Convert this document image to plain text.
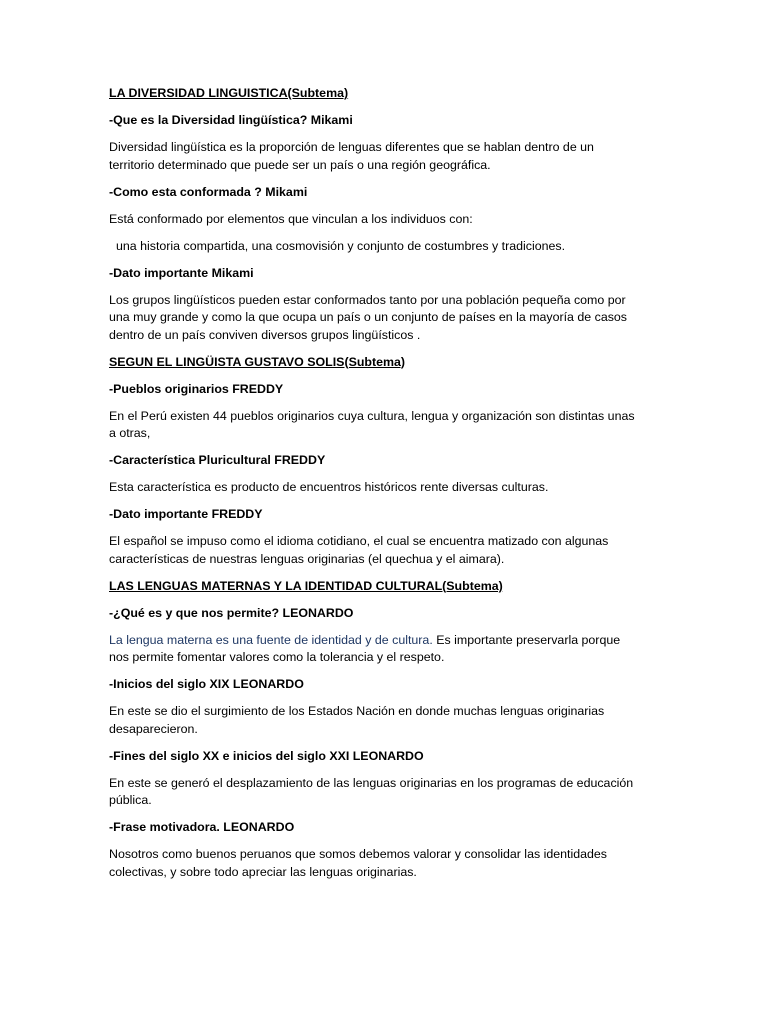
LA DIVERSIDAD LINGUISTICA(Subtema)

-Que es la Diversidad lingüística? Mikami

Diversidad lingüística es la proporción de lenguas diferentes que se hablan dentro de un

territorio determinado que puede ser un país o una región geográfica.

-Como esta conformada ? Mikami

Está conformado por elementos que vinculan a los individuos con:

una historia compartida, una cosmovisión y conjunto de costumbres y tradiciones.

-Dato importante Mikami

Los grupos lingüísticos pueden estar conformados tanto por una población pequeña como por

una muy grande y como la que ocupa un país o un conjunto de países en la mayoría de casos

dentro de un país conviven diversos grupos lingüísticos .

SEGUN EL LINGÜISTA GUSTAVO SOLIS(Subtema)

-Pueblos originarios FREDDY

En el Perú existen 44 pueblos originarios cuya cultura, lengua y organización son distintas unas

a otras,

-Característica Pluricultural FREDDY

Esta característica es producto de encuentros históricos rente diversas culturas.

-Dato importante FREDDY

El español se impuso como el idioma cotidiano, el cual se encuentra matizado con algunas

características de nuestras lenguas originarias (el quechua y el aimara).

LAS LENGUAS MATERNAS Y LA IDENTIDAD CULTURAL(Subtema)

-¿Qué es y que nos permite? LEONARDO

La lengua materna es una fuente de identidad y de cultura. Es importante preservarla porque

nos permite fomentar valores como la tolerancia y el respeto.

-Inicios del siglo XIX LEONARDO

En este se dio el surgimiento de los Estados Nación en donde muchas lenguas originarias

desaparecieron.

-Fines del siglo XX e inicios del siglo XXI LEONARDO

En este se generó el desplazamiento de las lenguas originarias en los programas de educación

pública.

-Frase motivadora. LEONARDO

Nosotros como buenos peruanos que somos debemos valorar y consolidar las identidades

colectivas, y sobre todo apreciar las lenguas originarias.
